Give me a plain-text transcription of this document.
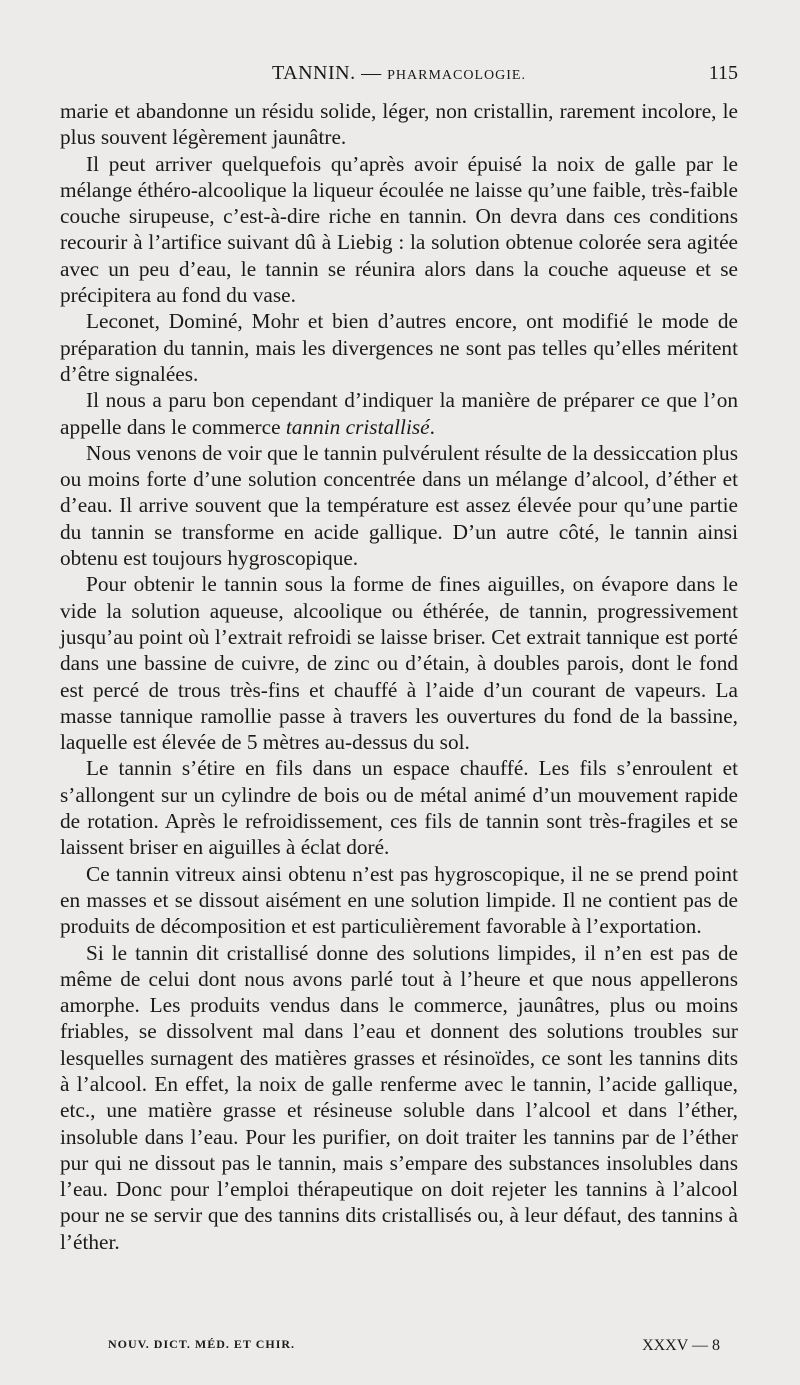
TANNIN. — PHARMACOLOGIE.	115

marie et abandonne un résidu solide, léger, non cristallin, rarement incolore, le plus souvent légèrement jaunâtre.

Il peut arriver quelquefois qu’après avoir épuisé la noix de galle par le mélange éthéro-alcoolique la liqueur écoulée ne laisse qu’une faible, très-faible couche sirupeuse, c’est-à-dire riche en tannin. On devra dans ces conditions recourir à l’artifice suivant dû à Liebig : la solution obtenue colorée sera agitée avec un peu d’eau, le tannin se réunira alors dans la couche aqueuse et se précipitera au fond du vase.

Leconet, Dominé, Mohr et bien d’autres encore, ont modifié le mode de préparation du tannin, mais les divergences ne sont pas telles qu’elles méritent d’être signalées.

Il nous a paru bon cependant d’indiquer la manière de préparer ce que l’on appelle dans le commerce tannin cristallisé.

Nous venons de voir que le tannin pulvérulent résulte de la dessiccation plus ou moins forte d’une solution concentrée dans un mélange d’alcool, d’éther et d’eau. Il arrive souvent que la température est assez élevée pour qu’une partie du tannin se transforme en acide gallique. D’un autre côté, le tannin ainsi obtenu est toujours hygroscopique.

Pour obtenir le tannin sous la forme de fines aiguilles, on évapore dans le vide la solution aqueuse, alcoolique ou éthérée, de tannin, progressivement jusqu’au point où l’extrait refroidi se laisse briser. Cet extrait tannique est porté dans une bassine de cuivre, de zinc ou d’étain, à doubles parois, dont le fond est percé de trous très-fins et chauffé à l’aide d’un courant de vapeurs. La masse tannique ramollie passe à travers les ouvertures du fond de la bassine, laquelle est élevée de 5 mètres au-dessus du sol.

Le tannin s’étire en fils dans un espace chauffé. Les fils s’enroulent et s’allongent sur un cylindre de bois ou de métal animé d’un mouvement rapide de rotation. Après le refroidissement, ces fils de tannin sont très-fragiles et se laissent briser en aiguilles à éclat doré.

Ce tannin vitreux ainsi obtenu n’est pas hygroscopique, il ne se prend point en masses et se dissout aisément en une solution limpide. Il ne contient pas de produits de décomposition et est particulièrement favorable à l’exportation.

Si le tannin dit cristallisé donne des solutions limpides, il n’en est pas de même de celui dont nous avons parlé tout à l’heure et que nous appellerons amorphe. Les produits vendus dans le commerce, jaunâtres, plus ou moins friables, se dissolvent mal dans l’eau et donnent des solutions troubles sur lesquelles surnagent des matières grasses et résinoïdes, ce sont les tannins dits à l’alcool. En effet, la noix de galle renferme avec le tannin, l’acide gallique, etc., une matière grasse et résineuse soluble dans l’alcool et dans l’éther, insoluble dans l’eau. Pour les purifier, on doit traiter les tannins par de l’éther pur qui ne dissout pas le tannin, mais s’empare des substances insolubles dans l’eau. Donc pour l’emploi thérapeutique on doit rejeter les tannins à l’alcool pour ne se servir que des tannins dits cristallisés ou, à leur défaut, des tannins à l’éther.

NOUV. DICT. MÉD. ET CHIR.	XXXV — 8
